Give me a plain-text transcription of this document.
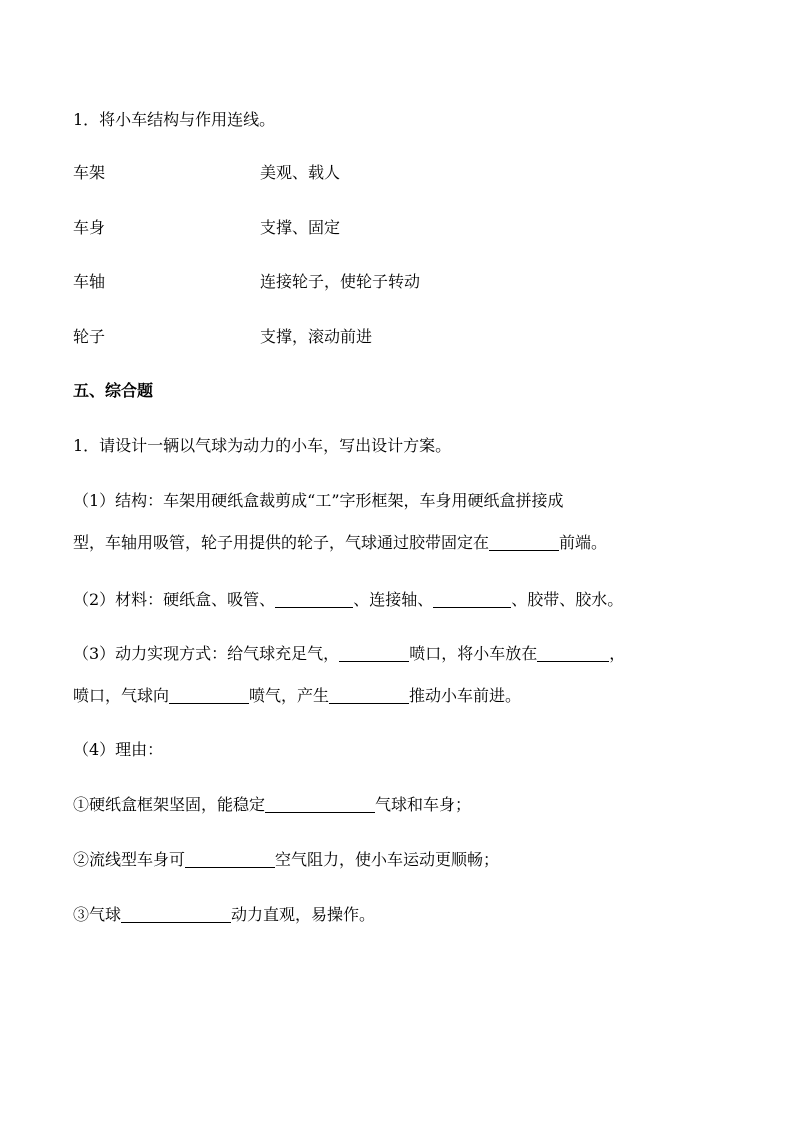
1．将小车结构与作用连线。
车架	美观、载人
车身	支撑、固定
车轴	连接轮子，使轮子转动
轮子	支撑，滚动前进
五、综合题
1．请设计一辆以气球为动力的小车，写出设计方案。
（1）结构：车架用硬纸盒裁剪成“工”字形框架，车身用硬纸盒拼接成
型，车轴用吸管，轮子用提供的轮子，气球通过胶带固定在	前端。
（2）材料：硬纸盒、吸管、	、连接轴、	、胶带、胶水。
（3）动力实现方式：给气球充足气，	喷口，将小车放在	，
喷口，气球向	喷气，产生	推动小车前进。
（4）理由：
①硬纸盒框架坚固，能稳定	气球和车身；
②流线型车身可	空气阻力，使小车运动更顺畅；
③气球	动力直观，易操作。
